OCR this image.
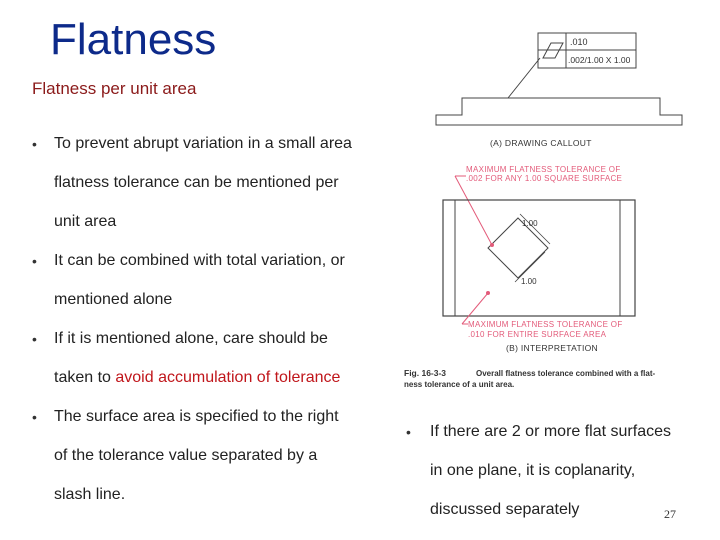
Flatness
Flatness per unit area
• To prevent abrupt variation in a small area
flatness tolerance can be mentioned per
unit area
• It can be combined with total variation, or
mentioned alone
• If it is mentioned alone, care should be
taken to avoid accumulation of tolerance
• The surface area is specified to the right
of the tolerance value separated by a
slash line.
• If there are 2 or more flat surfaces
in one plane, it is coplanarity,
discussed separately	27
.010
.002/1.00 X 1.00
(A) DRAWING CALLOUT
MAXIMUM FLATNESS TOLERANCE OF
.002 FOR ANY 1.00 SQUARE SURFACE
1.00
1.00
MAXIMUM FLATNESS TOLERANCE OF
.010 FOR ENTIRE SURFACE AREA
(B) INTERPRETATION
Fig. 16-3-3	Overall flatness tolerance combined with a flat-
ness tolerance of a unit area.
